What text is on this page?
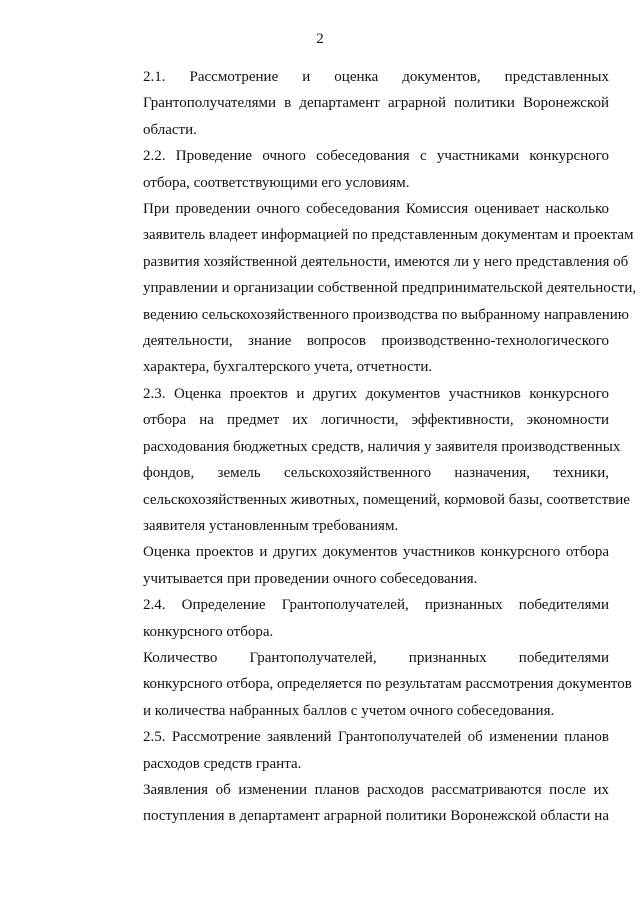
2
2.1. Рассмотрение и оценка документов, представленных
Грантополучателями в департамент аграрной политики Воронежской
области.
2.2. Проведение очного собеседования с участниками конкурсного
отбора, соответствующими его условиям.
При проведении очного собеседования Комиссия оценивает насколько
заявитель владеет информацией по представленным документам и проектам
развития хозяйственной деятельности, имеются ли у него представления об
управлении и организации собственной предпринимательской деятельности,
ведению сельскохозяйственного производства по выбранному направлению
деятельности, знание вопросов производственно-технологического
характера, бухгалтерского учета, отчетности.
2.3. Оценка проектов и других документов участников конкурсного
отбора на предмет их логичности, эффективности, экономности
расходования бюджетных средств, наличия у заявителя производственных
фондов, земель сельскохозяйственного назначения, техники,
сельскохозяйственных животных, помещений, кормовой базы, соответствие
заявителя установленным требованиям.
Оценка проектов и других документов участников конкурсного отбора
учитывается при проведении очного собеседования.
2.4. Определение Грантополучателей, признанных победителями
конкурсного отбора.
Количество Грантополучателей, признанных победителями
конкурсного отбора, определяется по результатам рассмотрения документов
и количества набранных баллов с учетом очного собеседования.
2.5. Рассмотрение заявлений Грантополучателей об изменении планов
расходов средств гранта.
Заявления об изменении планов расходов рассматриваются после их
поступления в департамент аграрной политики Воронежской области на
